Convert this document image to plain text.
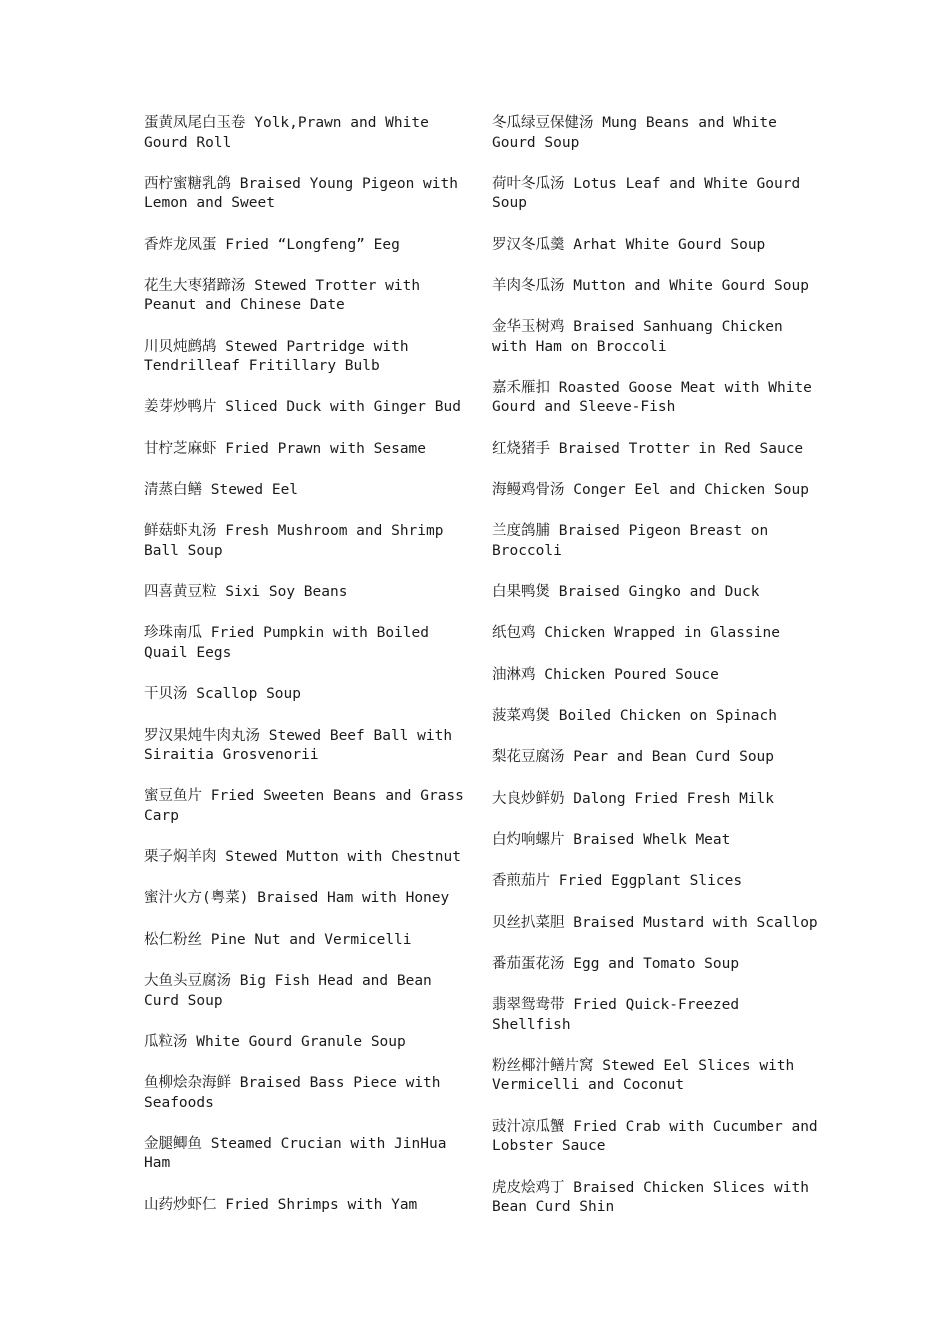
蛋黄凤尾白玉卷 Yolk,Prawn and White Gourd Roll

西柠蜜糖乳鸽 Braised Young Pigeon with Lemon and Sweet

香炸龙凤蛋 Fried “Longfeng” Eeg

花生大枣猪蹄汤 Stewed Trotter with Peanut and Chinese Date

川贝炖鹧鸪 Stewed Partridge with Tendrilleaf Fritillary Bulb

姜芽炒鸭片 Sliced Duck with Ginger Bud

甘柠芝麻虾 Fried Prawn with Sesame

清蒸白鳝 Stewed Eel

鲜菇虾丸汤 Fresh Mushroom and Shrimp Ball Soup

四喜黄豆粒 Sixi Soy Beans

珍珠南瓜 Fried Pumpkin with Boiled Quail Eegs

干贝汤 Scallop Soup

罗汉果炖牛肉丸汤 Stewed Beef Ball with Siraitia Grosvenorii

蜜豆鱼片 Fried Sweeten Beans and Grass Carp

栗子焖羊肉 Stewed Mutton with Chestnut

蜜汁火方(粤菜) Braised Ham with Honey

松仁粉丝 Pine Nut and Vermicelli

大鱼头豆腐汤 Big Fish Head and Bean Curd Soup

瓜粒汤 White Gourd Granule Soup

鱼柳烩杂海鲜 Braised Bass Piece with Seafoods

金腿鲫鱼 Steamed Crucian with JinHua Ham

山药炒虾仁 Fried Shrimps with Yam

冬瓜绿豆保健汤 Mung Beans and White Gourd Soup

荷叶冬瓜汤 Lotus Leaf and White Gourd Soup

罗汉冬瓜羹 Arhat White Gourd Soup

羊肉冬瓜汤 Mutton and White Gourd Soup

金华玉树鸡 Braised Sanhuang Chicken with Ham on Broccoli

嘉禾雁扣 Roasted Goose Meat with White Gourd and Sleeve-Fish

红烧猪手 Braised Trotter in Red Sauce

海鳗鸡骨汤 Conger Eel and Chicken Soup

兰度鸽脯 Braised Pigeon Breast on Broccoli

白果鸭煲 Braised Gingko and Duck

纸包鸡 Chicken Wrapped in Glassine

油淋鸡 Chicken Poured Souce

菠菜鸡煲 Boiled Chicken on Spinach

梨花豆腐汤 Pear and Bean Curd Soup

大良炒鲜奶 Dalong Fried Fresh Milk

白灼响螺片 Braised Whelk Meat

香煎茄片 Fried Eggplant Slices

贝丝扒菜胆 Braised Mustard with Scallop

番茄蛋花汤 Egg and Tomato Soup

翡翠鸳鸯带 Fried Quick-Freezed Shellfish

粉丝椰汁鳝片窝 Stewed Eel Slices with Vermicelli and Coconut

豉汁凉瓜蟹 Fried Crab with Cucumber and Lobster Sauce

虎皮烩鸡丁 Braised Chicken Slices with Bean Curd Shin
